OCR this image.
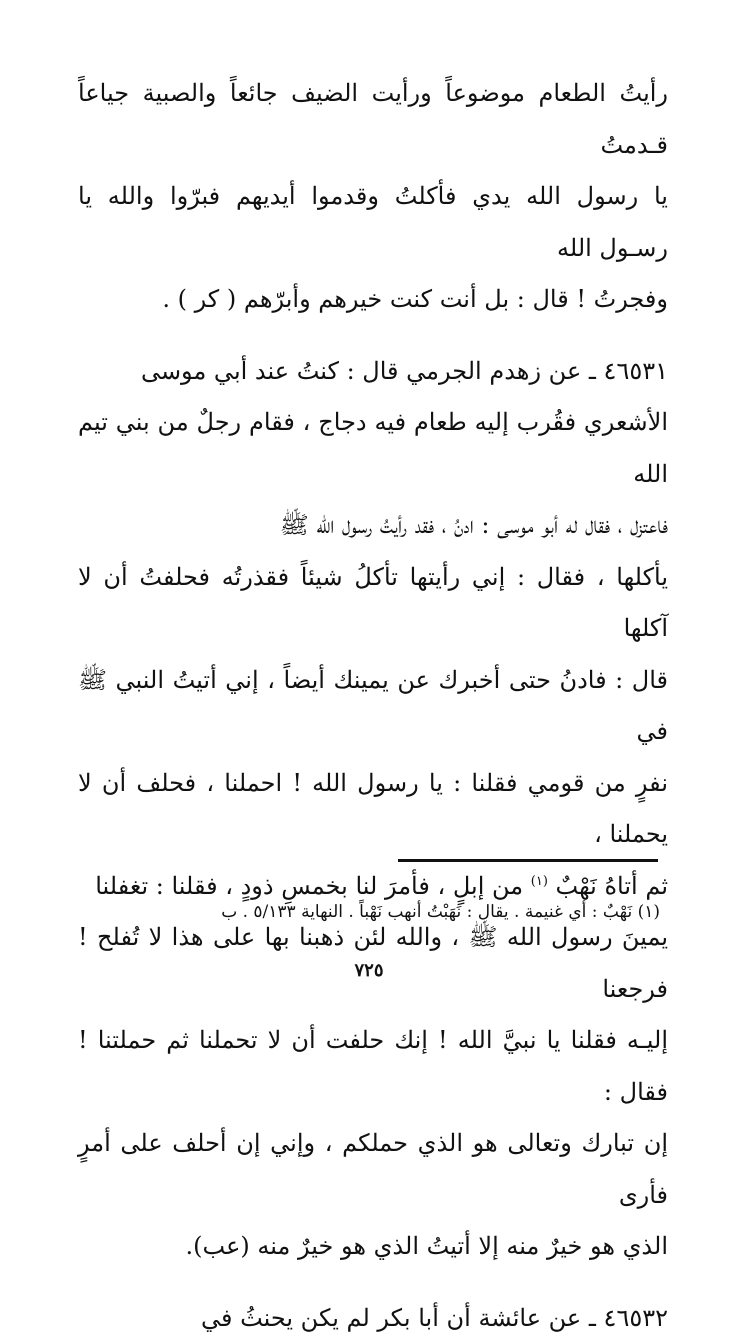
رأيتُ الطعام موضوعاً ورأيت الضيف جائعاً والصبية جياعاً قـدمتُ

يا رسول الله يدي فأكلتُ وقدموا أيديهم فبرّوا والله يا رسـول الله

وفجرتُ ! قال : بل أنت كنت خيرهم وأبرّهم ( كر ) .

٤٦٥٣١ ـ عن زهدم الجرمي قال : كنتُ عند أبي موسى

الأشعري فقُرب إليه طعام فيه دجاج ، فقام رجلٌ من بني تيم الله

فاعتزل ، فقال له أبو موسى : ادنُ ، فقد رأيتُ رسول الله ﷺ

يأكلها ، فقال : إني رأيتها تأكلُ شيئاً فقذرتُه فحلفتُ أن لا آكلها

قال : فادنُ حتى أخبرك عن يمينك أيضاً ، إني أتيتُ النبي ﷺ في

نفرٍ من قومي فقلنا : يا رسول الله ! احملنا ، فحلف أن لا يحملنا ،

ثم أتاهُ نَهْبٌ $^{(١)}$ من إبلٍ ، فأمرَ لنا بخمسِ ذودٍ ، فقلنا : تغفلنا

يمينَ رسول الله ﷺ ، والله لئن ذهبنا بها على هذا لا تُفلح ! فرجعنا

إليـه فقلنا يا نبيَّ الله ! إنك حلفت أن لا تحملنا ثم حملتنا ! فقال :

إن تبارك وتعالى هو الذي حملكم ، وإني إن أحلف على أمرٍ فأرى

الذي هو خيرٌ منه إلا أتيتُ الذي هو خيرٌ منه (عب).

٤٦٥٣٢ ـ عن عائشة أن أبا بكر لم يكن يحنثُ في

(١) نَهْبٌ : أي غنيمة . يقال : نَهَبْتُ أنهب نَهْباً . النهاية ٥/١٣٣ . ب
٧٢٥
